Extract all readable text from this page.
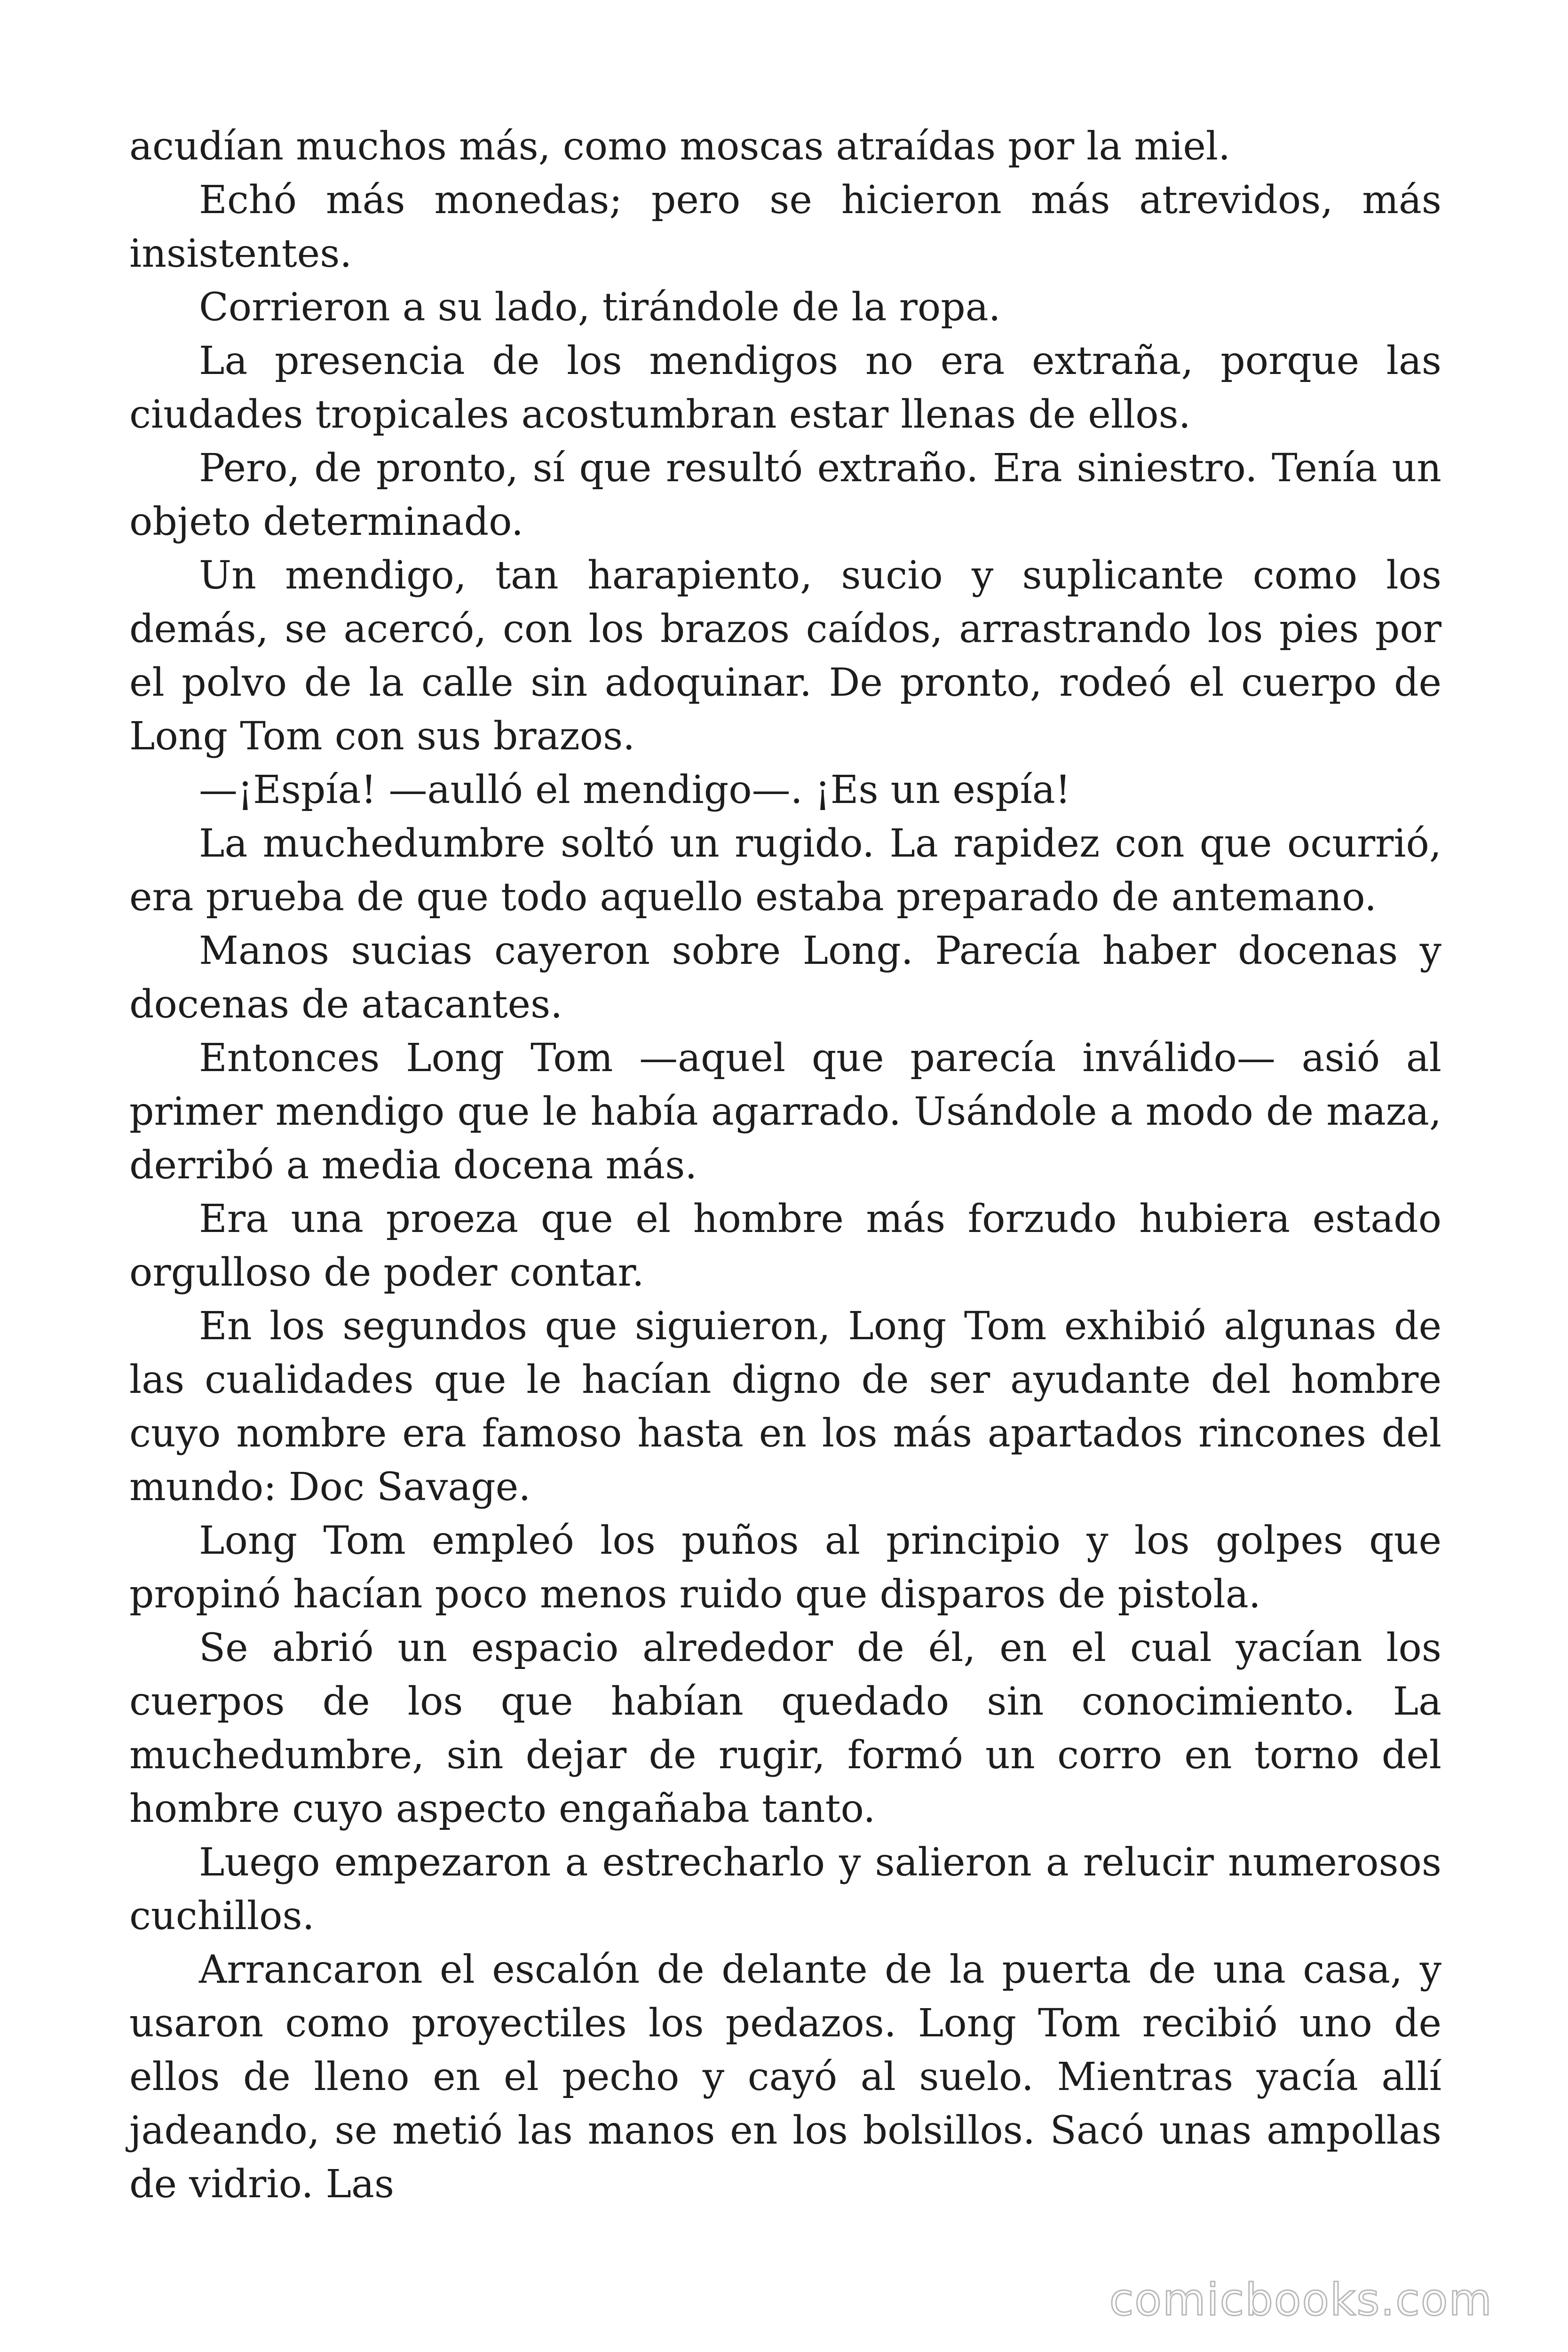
acudían muchos más, como moscas atraídas por la miel.

Echó más monedas; pero se hicieron más atrevidos, más insistentes.

Corrieron a su lado, tirándole de la ropa.

La presencia de los mendigos no era extraña, porque las ciudades tropicales acostumbran estar llenas de ellos.

Pero, de pronto, sí que resultó extraño. Era siniestro. Tenía un objeto determinado.

Un mendigo, tan harapiento, sucio y suplicante como los demás, se acercó, con los brazos caídos, arrastrando los pies por el polvo de la calle sin adoquinar. De pronto, rodeó el cuerpo de Long Tom con sus brazos.

—¡Espía! —aulló el mendigo—. ¡Es un espía!

La muchedumbre soltó un rugido. La rapidez con que ocurrió, era prueba de que todo aquello estaba preparado de antemano.

Manos sucias cayeron sobre Long. Parecía haber docenas y docenas de atacantes.

Entonces Long Tom —aquel que parecía inválido— asió al primer mendigo que le había agarrado. Usándole a modo de maza, derribó a media docena más.

Era una proeza que el hombre más forzudo hubiera estado orgulloso de poder contar.

En los segundos que siguieron, Long Tom exhibió algunas de las cualidades que le hacían digno de ser ayudante del hombre cuyo nombre era famoso hasta en los más apartados rincones del mundo: Doc Savage.

Long Tom empleó los puños al principio y los golpes que propinó hacían poco menos ruido que disparos de pistola.

Se abrió un espacio alrededor de él, en el cual yacían los cuerpos de los que habían quedado sin conocimiento. La muchedumbre, sin dejar de rugir, formó un corro en torno del hombre cuyo aspecto engañaba tanto.

Luego empezaron a estrecharlo y salieron a relucir numerosos cuchillos.

Arrancaron el escalón de delante de la puerta de una casa, y usaron como proyectiles los pedazos. Long Tom recibió uno de ellos de lleno en el pecho y cayó al suelo. Mientras yacía allí jadeando, se metió las manos en los bolsillos. Sacó unas ampollas de vidrio. Las

comicbooks.com
